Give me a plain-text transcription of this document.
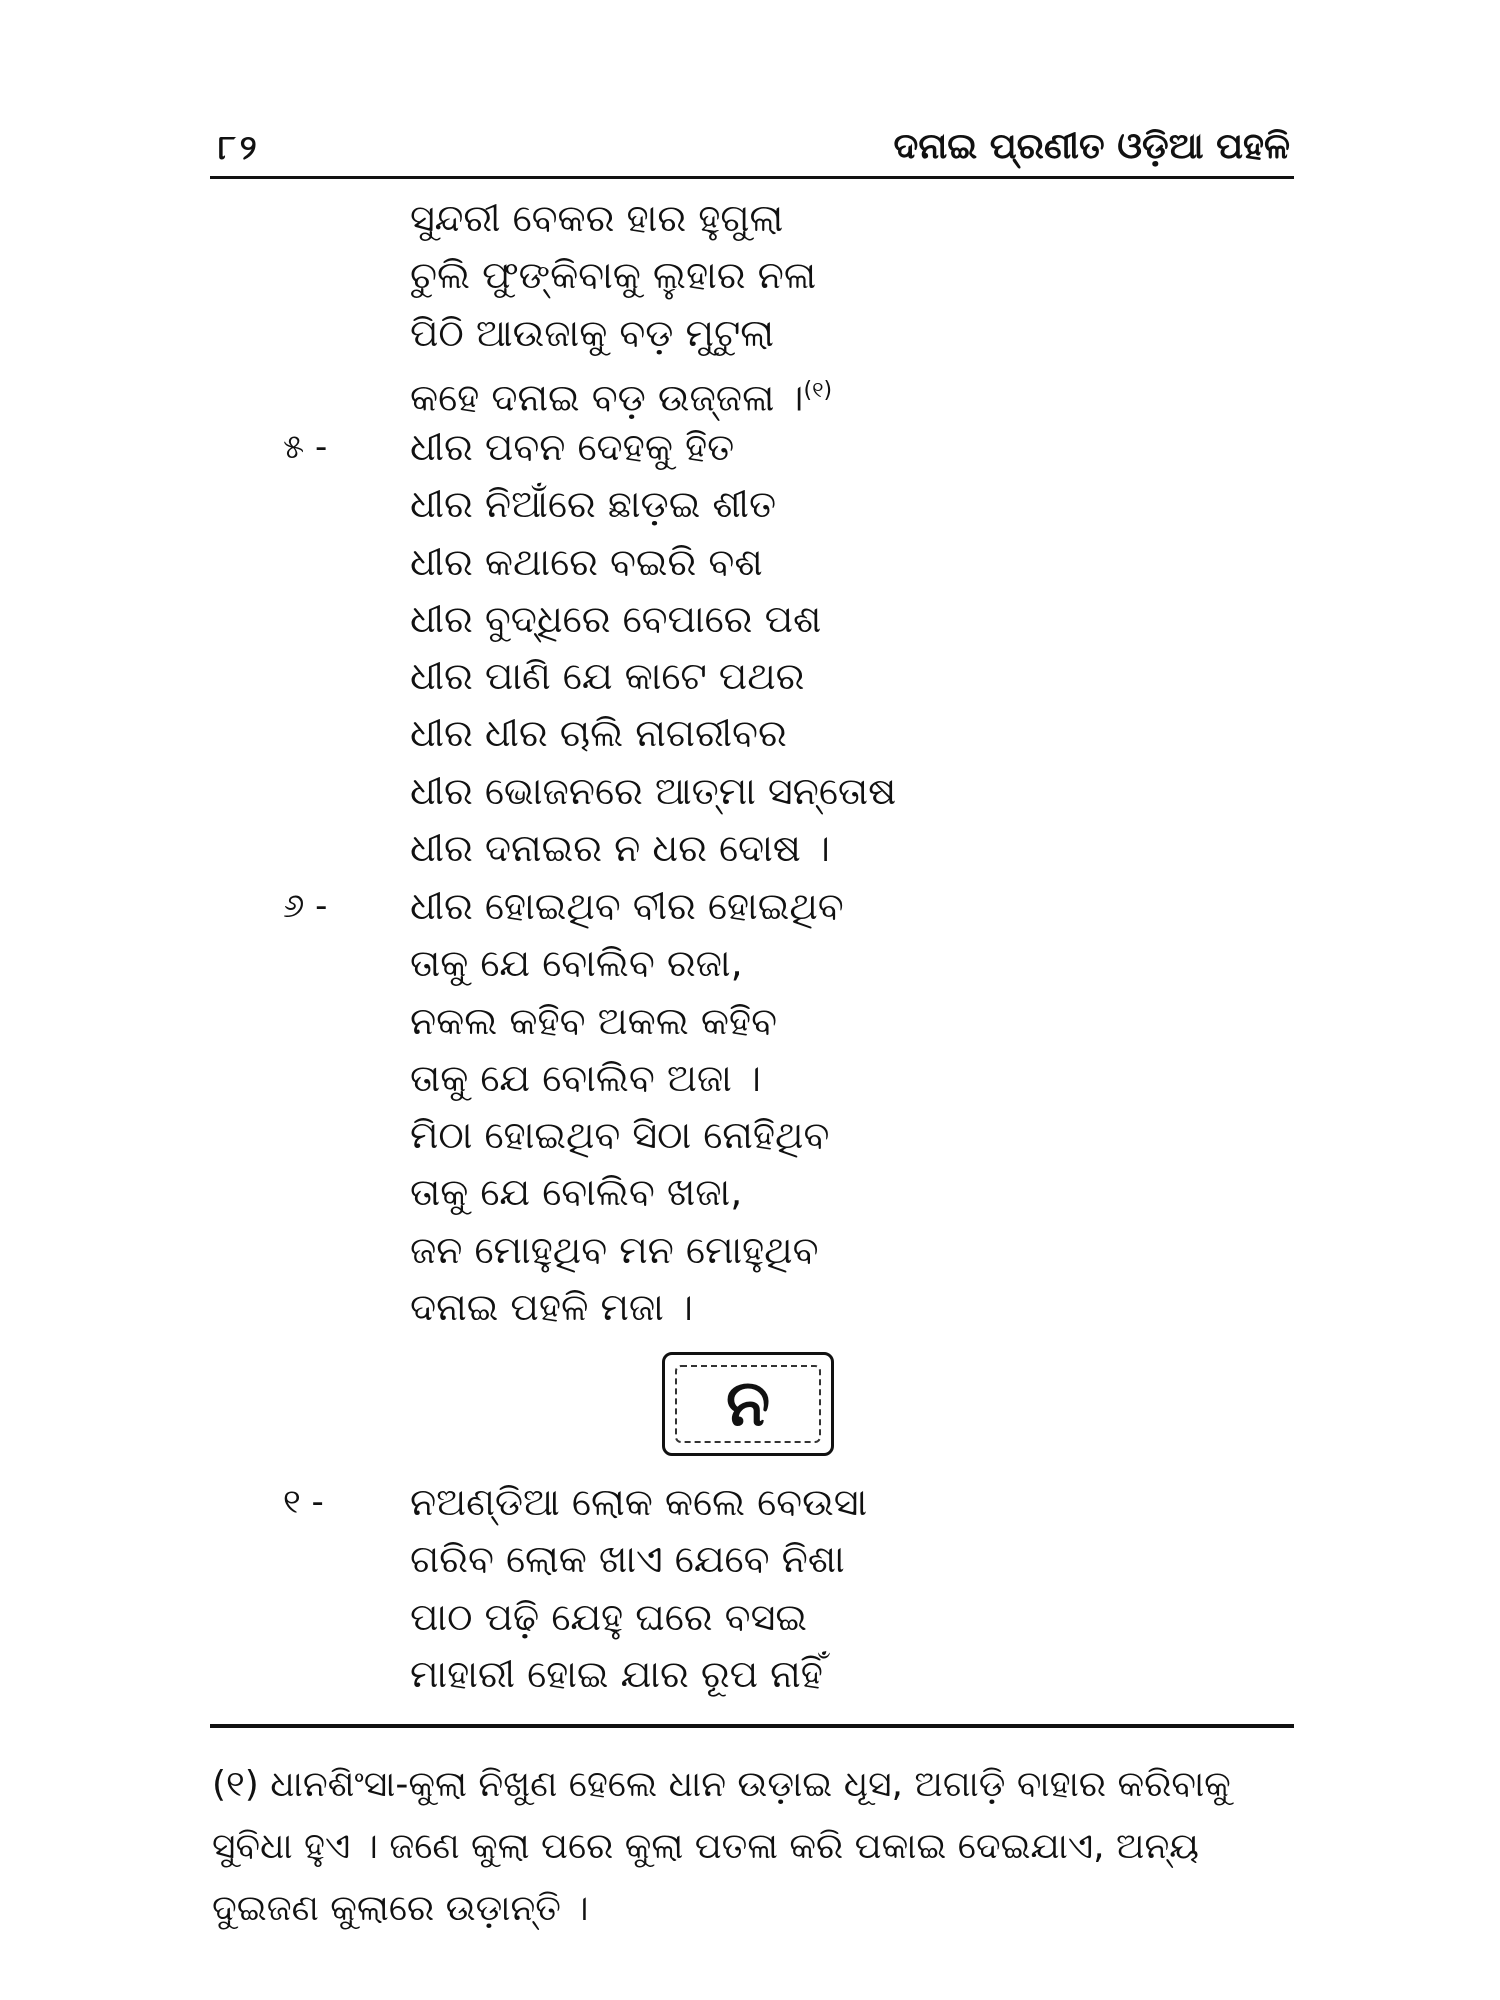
୮୨	ଦନାଇ ପ୍ରଣୀତ ଓଡ଼ିଆ ପହଳି
ସୁନ୍ଦରୀ ବେକର ହାର ହୁଗୁଲା
ଚୁଲି ଫୁଙ୍କିବାକୁ ଲୁହାର ନଳା
ପିଠି ଆଉଜାକୁ ବଡ଼ ମୁଟୁଲା
କହେ ଦନାଇ ବଡ଼ ଉଜ୍ଜଳା ।$^{(୧)}$
୫ - ଧୀର ପବନ ଦେହକୁ ହିତ
ଧୀର ନିଆଁରେ ଛାଡ଼ଇ ଶୀତ
ଧୀର କଥାରେ ବଇରି ବଶ
ଧୀର ବୁଦ୍ଧିରେ ବେପାରେ ପଶ
ଧୀର ପାଣି ଯେ କାଟେ ପଥର
ଧୀର ଧୀର ଚାଲି ନାଗରୀବର
ଧୀର ଭୋଜନରେ ଆତ୍ମା ସନ୍ତୋଷ
ଧୀର ଦନାଇର ନ ଧର ଦୋଷ ।
୬ - ଧୀର ହୋଇଥିବ ବୀର ହୋଇଥିବ
ତାକୁ ଯେ ବୋଲିବ ରଜା,
ନକଲ କହିବ ଅକଲ କହିବ
ତାକୁ ଯେ ବୋଲିବ ଅଜା ।
ମିଠା ହୋଇଥିବ ସିଠା ନୋହିଥିବ
ତାକୁ ଯେ ବୋଲିବ ଖଜା,
ଜନ ମୋହୁଥିବ ମନ ମୋହୁଥିବ
ଦନାଇ ପହଳି ମଜା ।
ନ
୧ - ନଅଣ୍ଡିଆ ଲୋକ କଲେ ବେଉସା
ଗରିବ ଲୋକ ଖାଏ ଯେବେ ନିଶା
ପାଠ ପଢ଼ି ଯେହୁ ଘରେ ବସଇ
ମାହାରୀ ହୋଇ ଯାର ରୂପ ନାହିଁ
(୧) ଧାନଶିଂସା-କୁଲା ନିଖୁଣ ହେଲେ ଧାନ ଉଡ଼ାଇ ଧୂସ, ଅଗାଡ଼ି ବାହାର କରିବାକୁ ସୁବିଧା ହୁଏ । ଜଣେ କୁଲା ପରେ କୁଲା ପତଳା କରି ପକାଇ ଦେଇଯାଏ, ଅନ୍ୟ ଦୁଇଜଣ କୁଲାରେ ଉଡ଼ାନ୍ତି ।
